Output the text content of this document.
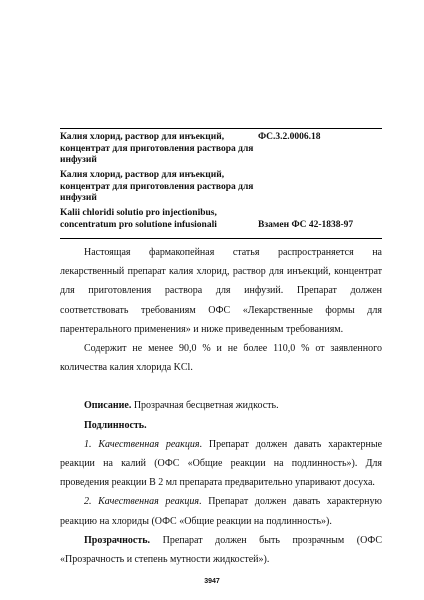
Калия хлорид, раствор для инъекций, концентрат для приготовления раствора для инфузий
ФС.3.2.0006.18
Калия хлорид, раствор для инъекций, концентрат для приготовления раствора для инфузий
Kalii chloridi solutio pro injectionibus, concentratum pro solutione infusionali	Взамен ФС 42-1838-97

Настоящая фармакопейная статья распространяется на лекарственный препарат калия хлорид, раствор для инъекций, концентрат для приготовления раствора для инфузий. Препарат должен соответствовать требованиям ОФС «Лекарственные формы для парентерального применения» и ниже приведенным требованиям.

Содержит не менее 90,0 % и не более 110,0 % от заявленного количества калия хлорида KCl.

Описание. Прозрачная бесцветная жидкость.

Подлинность.

1. Качественная реакция. Препарат должен давать характерные реакции на калий (ОФС «Общие реакции на подлинность»). Для проведения реакции В 2 мл препарата предварительно упаривают досуха.

2. Качественная реакция. Препарат должен давать характерную реакцию на хлориды (ОФС «Общие реакции на подлинность»).

Прозрачность. Препарат должен быть прозрачным (ОФС «Прозрачность и степень мутности жидкостей»).

3947
